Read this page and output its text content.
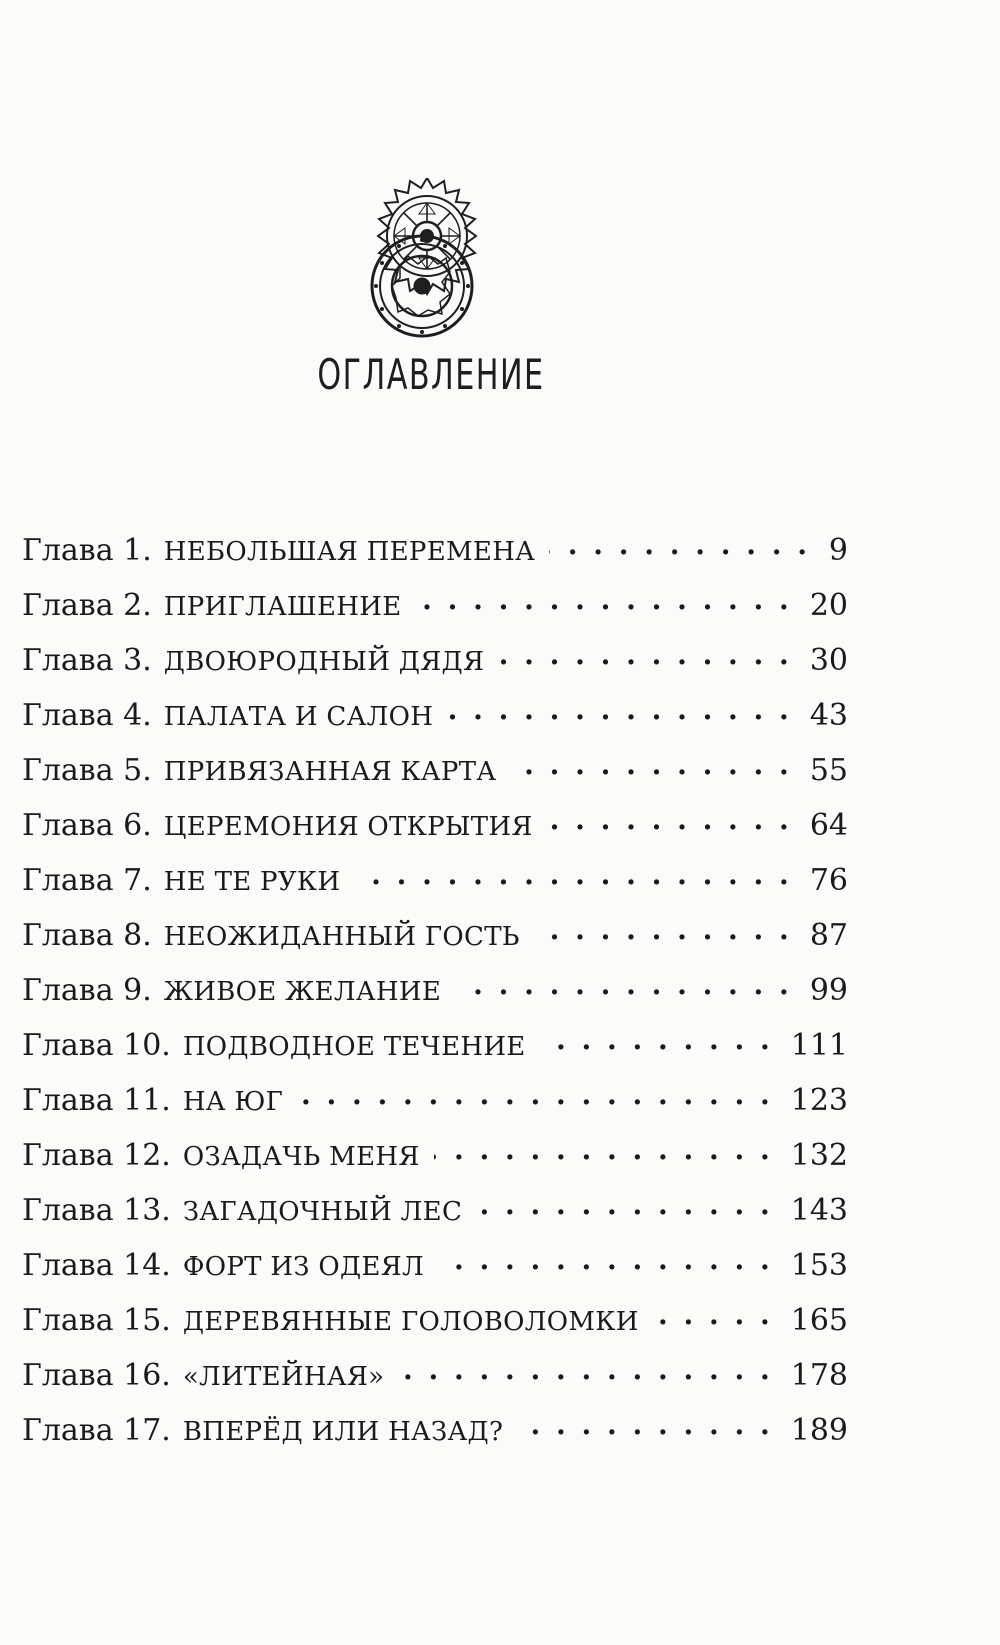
ОГЛАВЛЕНИЕ
Глава 1. НЕБОЛЬШАЯ ПЕРЕМЕНА . . .	9
Глава 2. ПРИГЛАШЕНИЕ . . .	20
Глава 3. ДВОЮРОДНЫЙ ДЯДЯ . . .	30
Глава 4. ПАЛАТА И САЛОН . . .	43
Глава 5. ПРИВЯЗАННАЯ КАРТА . . .	55
Глава 6. ЦЕРЕМОНИЯ ОТКРЫТИЯ . . .	64
Глава 7. НЕ ТЕ РУКИ . . .	76
Глава 8. НЕОЖИДАННЫЙ ГОСТЬ . . .	87
Глава 9. ЖИВОЕ ЖЕЛАНИЕ . . .	99
Глава 10. ПОДВОДНОЕ ТЕЧЕНИЕ . . .	111
Глава 11. НА ЮГ . . .	123
Глава 12. ОЗАДАЧЬ МЕНЯ . . .	132
Глава 13. ЗАГАДОЧНЫЙ ЛЕС . . .	143
Глава 14. ФОРТ ИЗ ОДЕЯЛ . . .	153
Глава 15. ДЕРЕВЯННЫЕ ГОЛОВОЛОМКИ . . .	165
Глава 16. «ЛИТЕЙНАЯ» . . .	178
Глава 17. ВПЕРЁД ИЛИ НАЗАД? . . .	189
